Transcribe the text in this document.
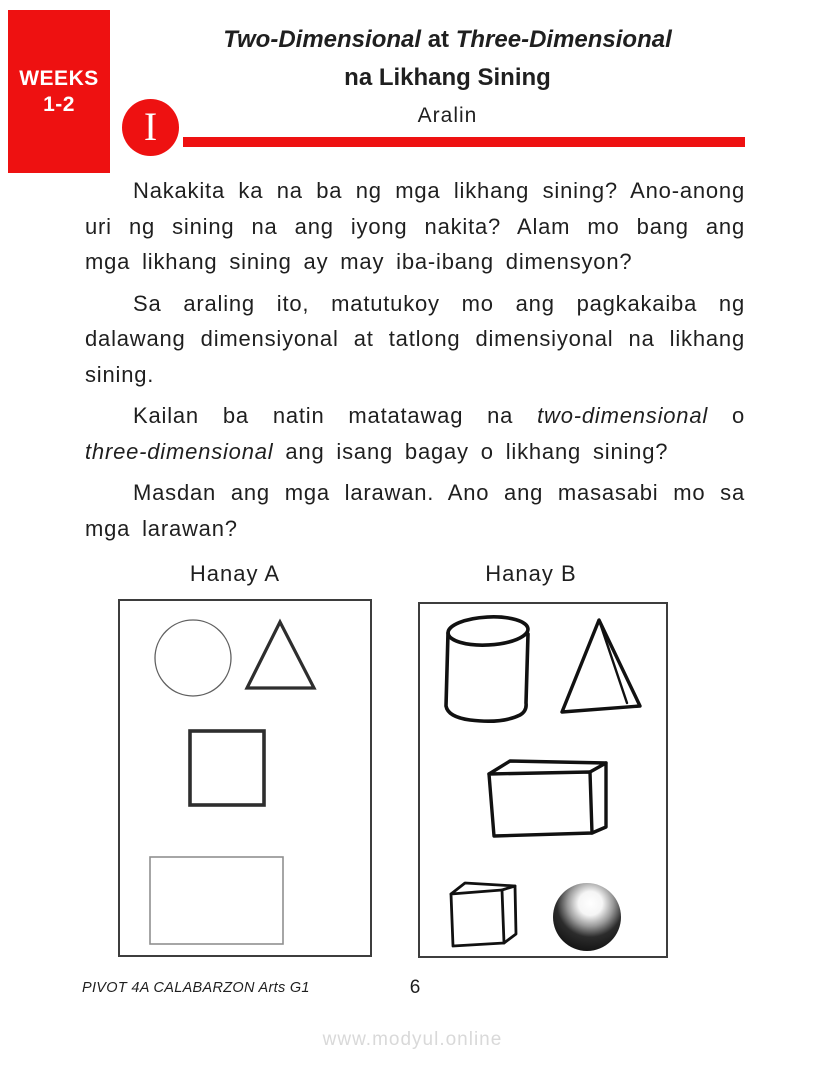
WEEKS
1-2
Two-Dimensional at Three-Dimensional
na Likhang Sining
Aralin
I

Nakakita ka na ba ng mga likhang sining? Ano-anong uri ng sining na ang iyong nakita? Alam mo bang ang mga likhang sining ay may iba-ibang dimensyon?

Sa araling ito, matutukoy mo ang pagkakaiba ng dalawang dimensiyonal at tatlong dimensiyonal na likhang sining.

Kailan ba natin matatawag na two-dimensional o three-dimensional ang isang bagay o likhang sining?

Masdan ang mga larawan. Ano ang masasabi mo sa mga larawan?

Hanay A	Hanay B
PIVOT 4A CALABARZON Arts G1	6
www.modyul.online
